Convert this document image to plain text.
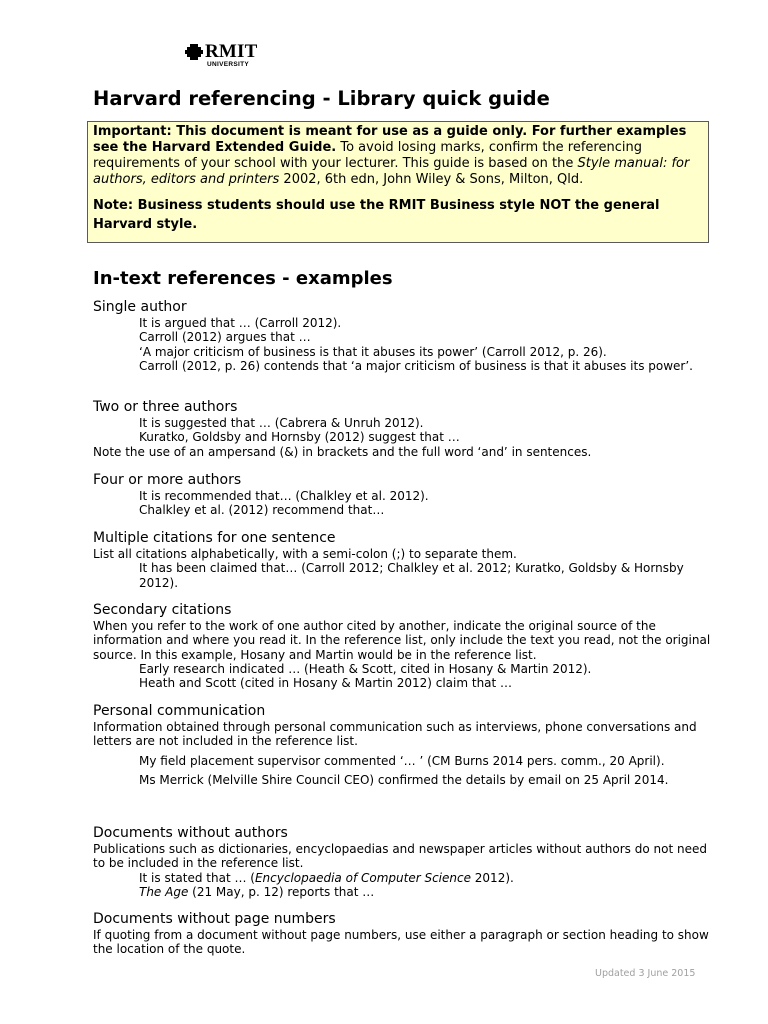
RMIT
UNIVERSITY
Harvard referencing - Library quick guide

Important: This document is meant for use as a guide only. For further examples see the Harvard Extended Guide. To avoid losing marks, confirm the referencing requirements of your school with your lecturer. This guide is based on the Style manual: for authors, editors and printers 2002, 6th edn, John Wiley & Sons, Milton, Qld.

Note: Business students should use the RMIT Business style NOT the general Harvard style.

In-text references - examples
Single author

It is argued that … (Carroll 2012).

Carroll (2012) argues that …

‘A major criticism of business is that it abuses its power’ (Carroll 2012, p. 26).

Carroll (2012, p. 26) contends that ‘a major criticism of business is that it abuses its power’.

Two or three authors

It is suggested that … (Cabrera & Unruh 2012).

Kuratko, Goldsby and Hornsby (2012) suggest that …

Note the use of an ampersand (&) in brackets and the full word ‘and’ in sentences.

Four or more authors

It is recommended that… (Chalkley et al. 2012).

Chalkley et al. (2012) recommend that…

Multiple citations for one sentence

List all citations alphabetically, with a semi-colon (;) to separate them.

It has been claimed that… (Carroll 2012; Chalkley et al. 2012; Kuratko, Goldsby & Hornsby 2012).

Secondary citations

When you refer to the work of one author cited by another, indicate the original source of the information and where you read it. In the reference list, only include the text you read, not the original source. In this example, Hosany and Martin would be in the reference list.

Early research indicated … (Heath & Scott, cited in Hosany & Martin 2012).

Heath and Scott (cited in Hosany & Martin 2012) claim that …

Personal communication

Information obtained through personal communication such as interviews, phone conversations and letters are not included in the reference list.

My field placement supervisor commented ‘… ’ (CM Burns 2014 pers. comm., 20 April).

Ms Merrick (Melville Shire Council CEO) confirmed the details by email on 25 April 2014.

Documents without authors

Publications such as dictionaries, encyclopaedias and newspaper articles without authors do not need to be included in the reference list.

It is stated that … (Encyclopaedia of Computer Science 2012).

The Age (21 May, p. 12) reports that …

Documents without page numbers

If quoting from a document without page numbers, use either a paragraph or section heading to show the location of the quote.

Updated 3 June 2015
